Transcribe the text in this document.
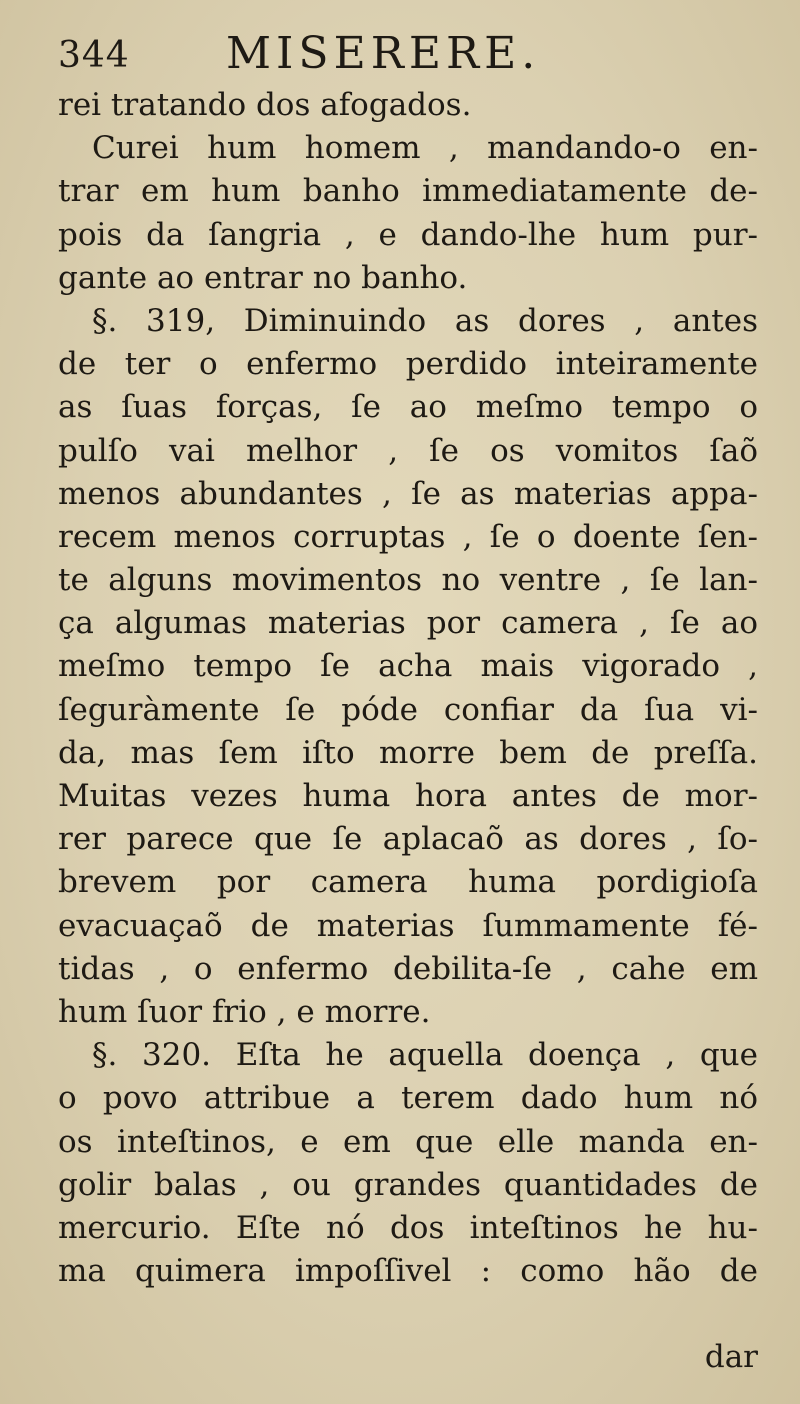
344 MISERERE.
rei tratando dos afogados.
Curei hum homem , mandando-o en-
trar em hum banho immediatamente de-
pois da ſangria , e dando-lhe hum pur-
gante ao entrar no banho.
§. 319, Diminuindo as dores , antes
de ter o enfermo perdido inteiramente
as ſuas forças, ſe ao meſmo tempo o
pulſo vai melhor , ſe os vomitos ſaõ
menos abundantes , ſe as materias appa-
recem menos corruptas , ſe o doente ſen-
te alguns movimentos no ventre , ſe lan-
ça algumas materias por camera , ſe ao
meſmo tempo ſe acha mais vigorado ,
ſeguràmente ſe póde confiar da ſua vi-
da, mas ſem iſto morre bem de preſſa.
Muitas vezes huma hora antes de mor-
rer parece que ſe aplacaõ as dores , ſo-
brevem por camera huma pordigioſa
evacuaçaõ de materias ſummamente fé-
tidas , o enfermo debilita-ſe , cahe em
hum ſuor frio , e morre.
§. 320. Eſta he aquella doença , que
o povo attribue a terem dado hum nó
os inteſtinos, e em que elle manda en-
golir balas , ou grandes quantidades de
mercurio. Eſte nó dos inteſtinos he hu-
ma quimera impoſſivel : como hão de
dar
